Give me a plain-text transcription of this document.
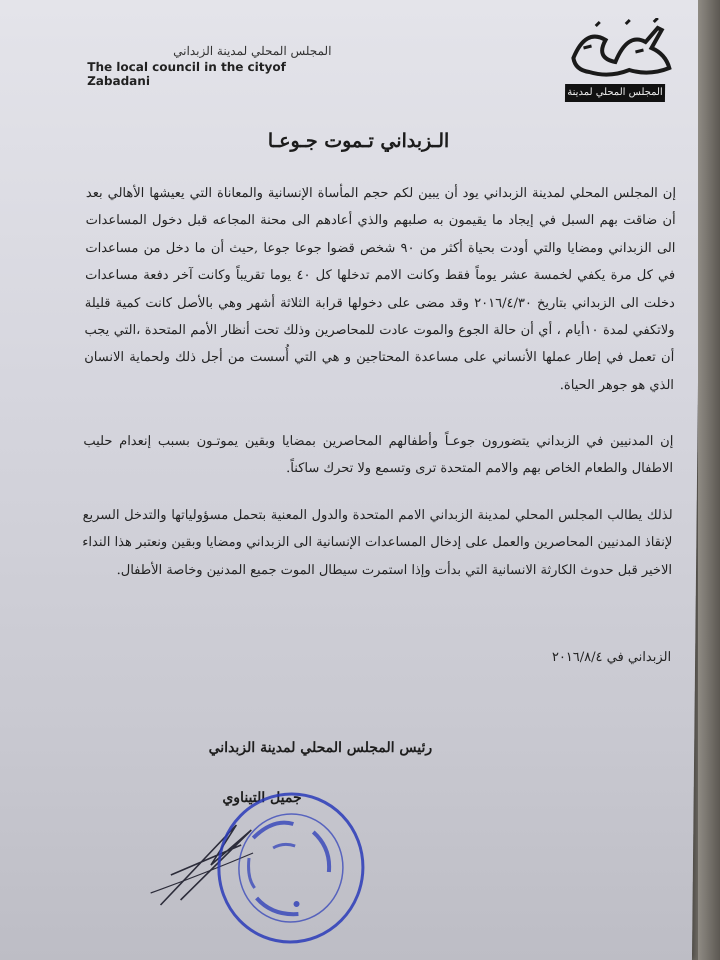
المجلس المحلي لمدينة
المجلس المحلي لمدينة الزبداني
The local council in the cityof Zabadani
الـزبداني تـموت جـوعـا
إن المجلس المحلي لمدينة الزبداني يود أن يبين لكم حجم المأساة الإنسانية والمعاناة التي يعيشها الأهالي بعد أن ضاقت بهم السبل في إيجاد ما يقيمون به صلبهم والذي أعادهم الى محنة المجاعه قبل دخول المساعدات الى الزبداني ومضايا والتي أودت بحياة أكثر من ٩٠ شخص قضوا جوعا جوعا ,حيث أن ما دخل من مساعدات في كل مرة يكفي لخمسة عشر يوماً فقط وكانت الامم تدخلها كل ٤٠ يوما تقريباً وكانت آخر دفعة مساعدات دخلت الى الزبداني بتاريخ ٢٠١٦/٤/٣٠ وقد مضى على دخولها قرابة الثلاثة أشهر وهي بالأصل كانت كمية قليلة ولاتكفي لمدة ١٠أيام ، أي أن حالة الجوع والموت عادت للمحاصرين وذلك تحت أنظار الأمم المتحدة ،التي يجب أن تعمل في إطار عملها الأنساني على مساعدة المحتاجين و هي التي أُسست من أجل ذلك ولحماية الانسان الذي هو جوهر الحياة.
إن المدنيين في الزبداني يتضورون جوعـاً وأطفالهم المحاصرين بمضايا وبقين يموتـون بسبب إنعدام حليب الاطفال والطعام الخاص بهم والامم المتحدة ترى وتسمع ولا تحرك ساكناً.
لذلك يطالب المجلس المحلي لمدينة الزبداني الامم المتحدة والدول المعنية بتحمل مسؤولياتها والتدخل السريع لإنقاذ المدنيين المحاصرين والعمل على إدخال المساعدات الإنسانية الى الزبداني ومضايا وبقين ونعتبر هذا النداء الاخير قبل حدوث الكارثة الانسانية التي بدأت وإذا استمرت سيطال الموت جميع المدنين وخاصة الأطفال.
الزبداني في ٢٠١٦/٨/٤
رئيس المجلس المحلي لمدينة الزبداني
جميل التيناوي
